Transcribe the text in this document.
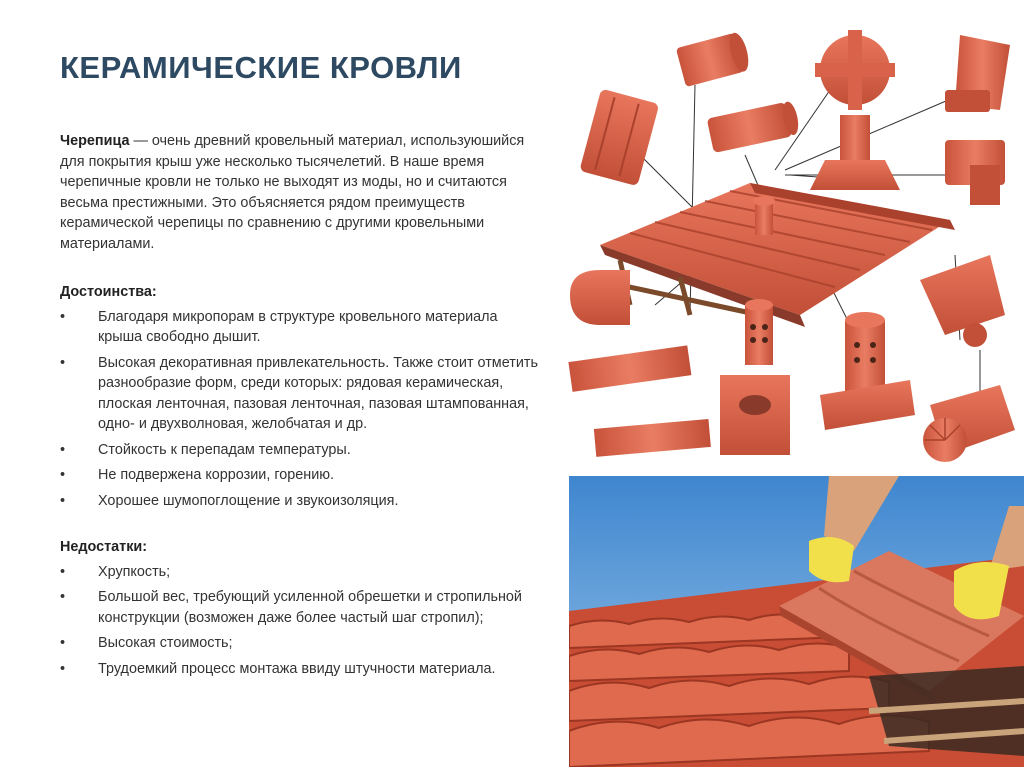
КЕРАМИЧЕСКИЕ КРОВЛИ

Черепица — очень древний кровельный материал, используюшийся для покрытия крыш уже несколько тысячелетий. В наше время черепичные кровли не только не выходят из моды, но и считаются весьма престижными. Это объясняется рядом преимуществ керамической черепицы по сравнению с другими кровельными материалами.

Достоинства:
•	Благодаря микропорам в структуре кровельного материала крыша свободно дышит.
•	Высокая декоративная привлекательность. Также стоит отметить разнообразие форм, среди которых: рядовая керамическая, плоская ленточная, пазовая ленточная, пазовая штампованная, одно- и двухволновая, желобчатая и др.
•	Стойкость к перепадам температуры.
•	Не подвержена коррозии, горению.
•	Хорошее шумопоглощение и звукоизоляция.
Недостатки:
•	Хрупкость;
•	Большой вес, требующий усиленной обрешетки и стропильной конструкции (возможен даже более частый шаг стропил);
•	Высокая стоимость;
•	Трудоемкий процесс монтажа ввиду штучности материала.
